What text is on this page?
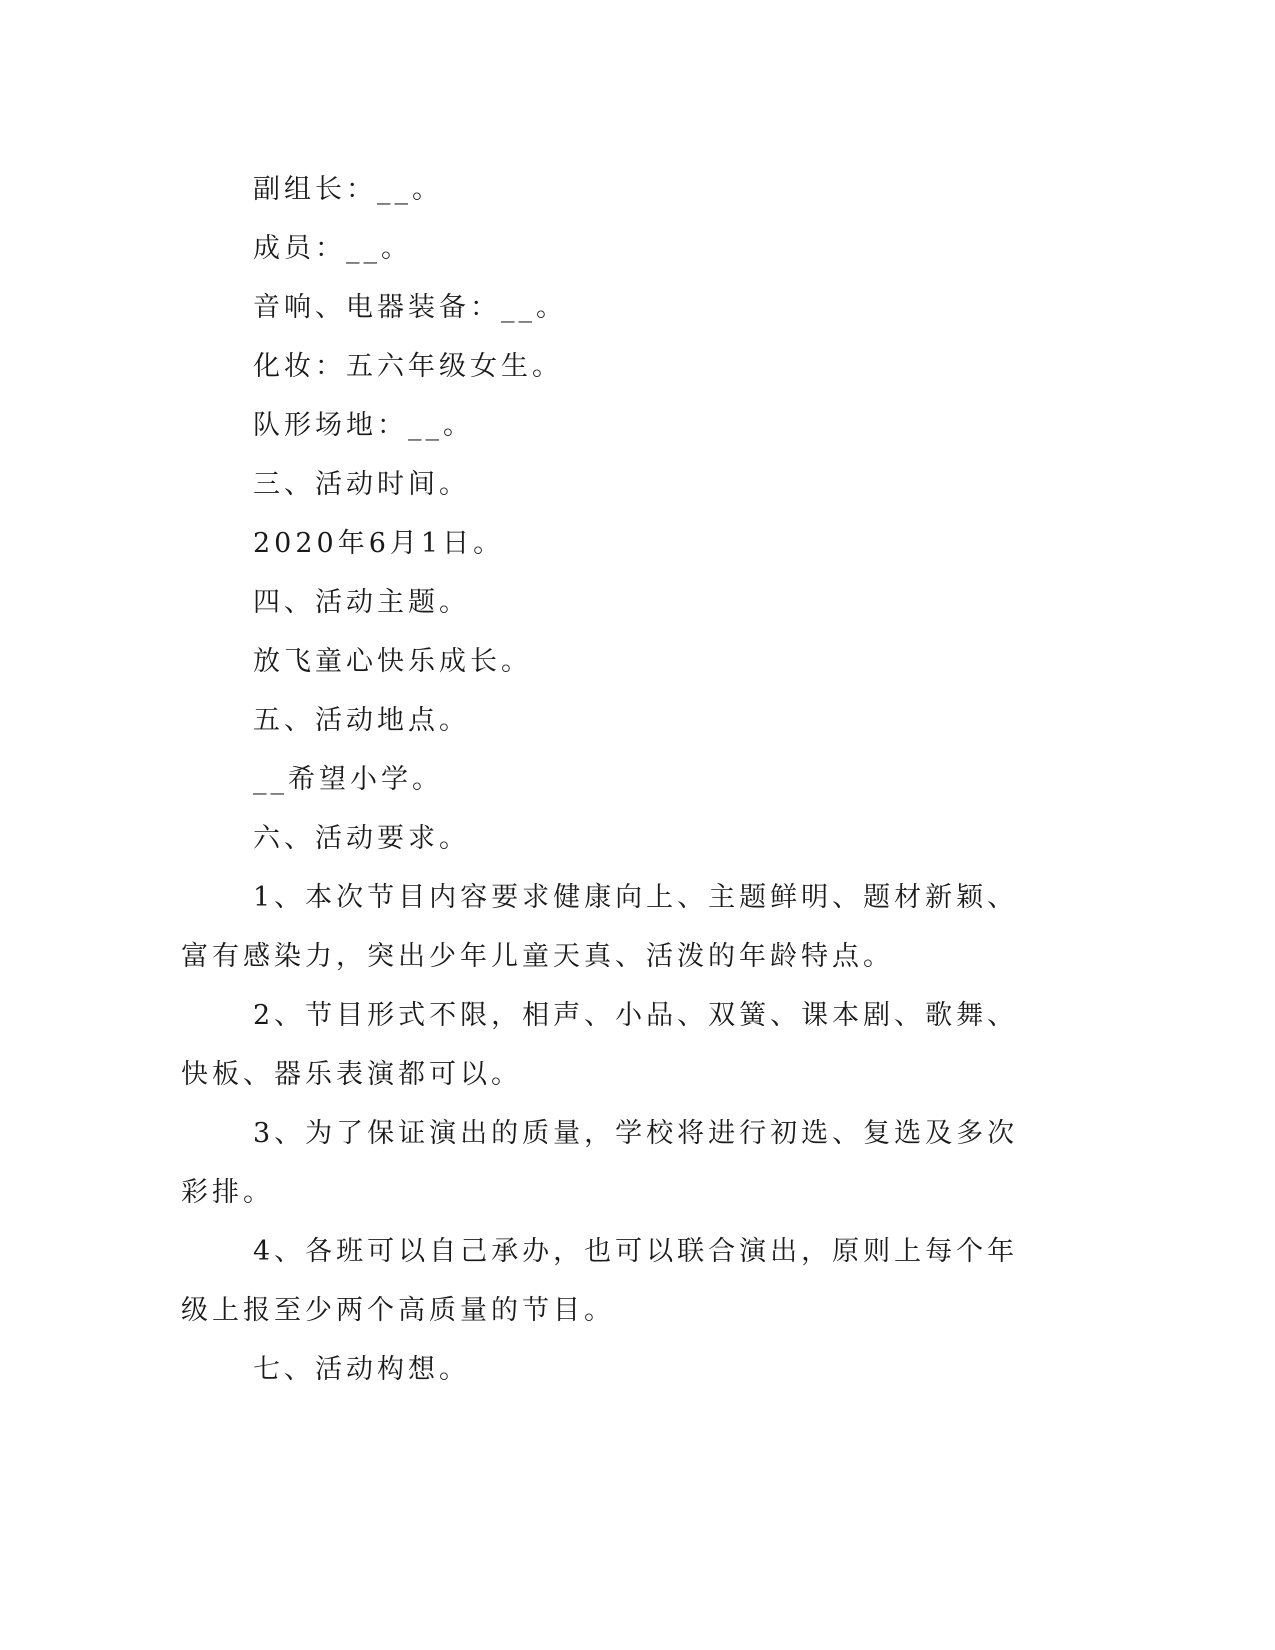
副组长：__。

成员：__。

音响、电器装备：__。

化妆：五六年级女生。

队形场地：__。

三、活动时间。

2020年6月1日。

四、活动主题。

放飞童心快乐成长。

五、活动地点。

__希望小学。

六、活动要求。

1、本次节目内容要求健康向上、主题鲜明、题材新颖、富有感染力，突出少年儿童天真、活泼的年龄特点。

2、节目形式不限，相声、小品、双簧、课本剧、歌舞、快板、器乐表演都可以。

3、为了保证演出的质量，学校将进行初选、复选及多次彩排。

4、各班可以自己承办，也可以联合演出，原则上每个年级上报至少两个高质量的节目。

七、活动构想。
